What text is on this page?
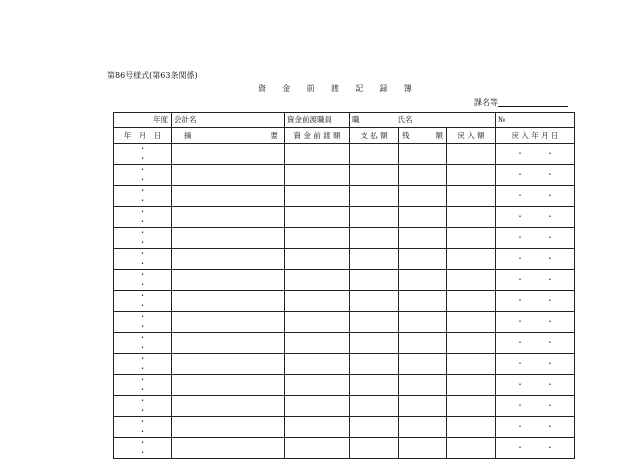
第86号様式(第63条関係)
資 金 前 渡 記 録 簿
課名等
年度	会計名	資金前渡職員	職 氏名			№
年　月　日	摘 要	資 金 前 渡 額	支 払 額	残 額	戻 入 額	戻 入 年 月 日
・ ・						・ ・
・ ・						・ ・
・ ・						・ ・
・ ・						・ ・
・ ・						・ ・
・ ・						・ ・
・ ・						・ ・
・ ・						・ ・
・ ・						・ ・
・ ・						・ ・
・ ・						・ ・
・ ・						・ ・
・ ・						・ ・
・ ・						・ ・
・ ・						・ ・
